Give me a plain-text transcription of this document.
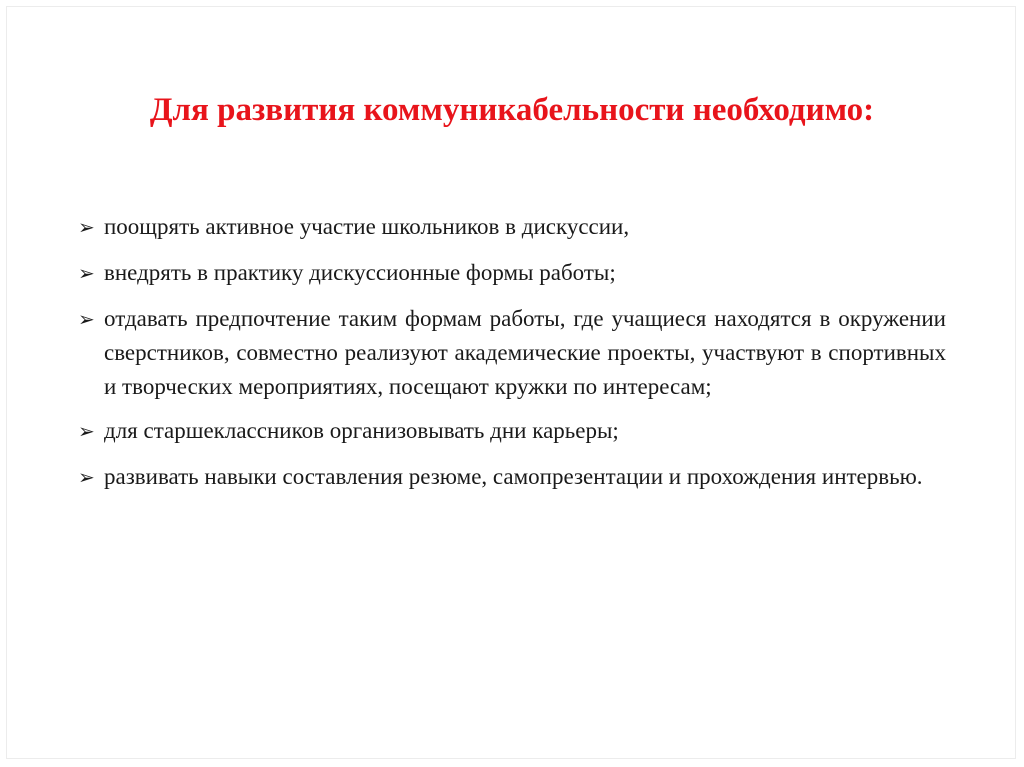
Для развития коммуникабельности необходимо:
➢ поощрять активное участие школьников в дискуссии,
➢ внедрять в практику дискуссионные формы работы;
➢ отдавать предпочтение таким формам работы, где учащиеся находятся в окружении сверстников, совместно реализуют академические проекты, участвуют в спортивных и творческих мероприятиях, посещают кружки по интересам;
➢ для старшеклассников организовывать дни карьеры;
➢ развивать навыки составления резюме, самопрезентации и прохождения интервью.
